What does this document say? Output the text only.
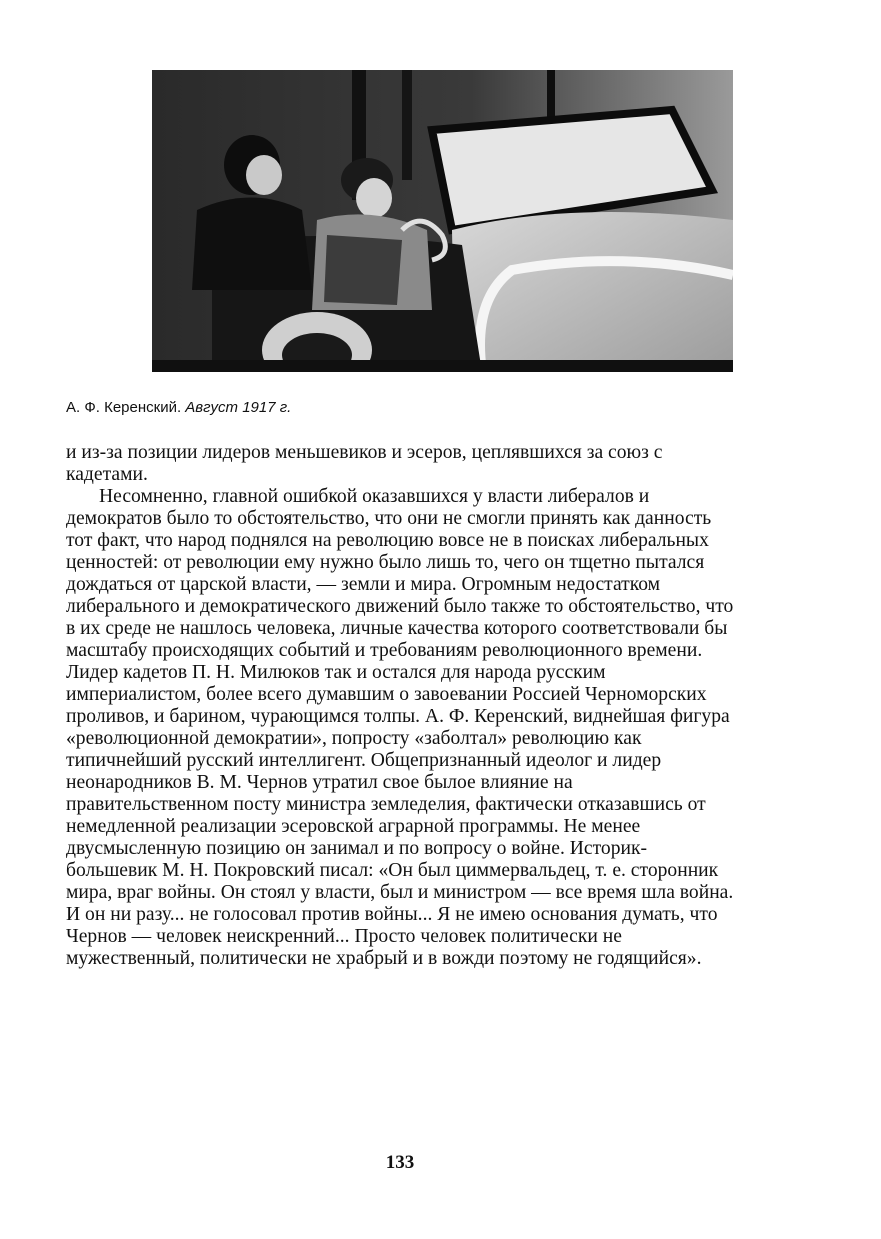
А. Ф. Керенский. Август 1917 г.

и из-за позиции лидеров меньшевиков и эсеров, цеплявшихся за союз с кадетами.

Несомненно, главной ошибкой оказавшихся у власти либералов и демократов было то обстоятельство, что они не смогли принять как данность тот факт, что народ поднялся на революцию вовсе не в поисках либеральных ценностей: от революции ему нужно было лишь то, чего он тщетно пытался дождаться от царской власти, — земли и мира. Огромным недостатком либерального и демократического движений было также то обстоятельство, что в их среде не нашлось человека, личные качества которого соответствовали бы масштабу происходящих событий и требованиям революционного времени. Лидер кадетов П. Н. Милюков так и остался для народа русским империалистом, более всего думавшим о завоевании Россией Черноморских проливов, и барином, чурающимся толпы. А. Ф. Керенский, виднейшая фигура «революционной демократии», попросту «заболтал» революцию как типичнейший русский интеллигент. Общепризнанный идеолог и лидер неонародников В. М. Чернов утратил свое былое влияние на правительственном посту министра земледелия, фактически отказавшись от немедленной реализации эсеровской аграрной программы. Не менее двусмысленную позицию он занимал и по вопросу о войне. Историк-большевик М. Н. Покровский писал: «Он был циммервальдец, т. е. сторонник мира, враг войны. Он стоял у власти, был и министром — все время шла война. И он ни разу... не голосовал против войны... Я не имею основания думать, что Чернов — человек неискренний... Просто человек политически не мужественный, политически не храбрый и в вожди поэтому не годящийся».

133
